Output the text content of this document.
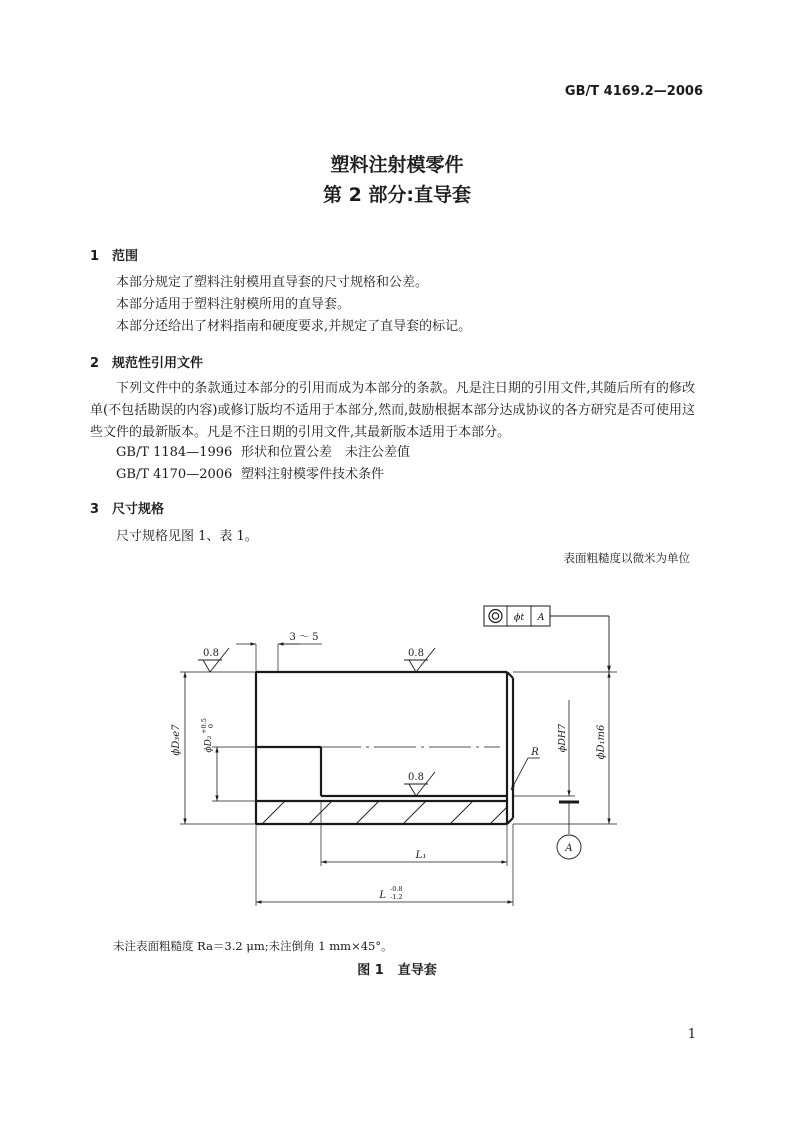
GB/T 4169.2—2006
塑料注射模零件
第 2 部分:直导套
1 范围
本部分规定了塑料注射模用直导套的尺寸规格和公差。
本部分适用于塑料注射模所用的直导套。
本部分还给出了材料指南和硬度要求,并规定了直导套的标记。
2 规范性引用文件
下列文件中的条款通过本部分的引用而成为本部分的条款。凡是注日期的引用文件,其随后所有的修改单(不包括勘误的内容)或修订版均不适用于本部分,然而,鼓励根据本部分达成协议的各方研究是否可使用这些文件的最新版本。凡是不注日期的引用文件,其最新版本适用于本部分。
GB/T 1184—1996 形状和位置公差　未注公差值
GB/T 4170—2006 塑料注射模零件技术条件
3 尺寸规格
尺寸规格见图 1、表 1。
表面粗糙度以微米为单位
ϕt A
3 ～ 5
0.8	0.8
0.8
ϕD₃e7 ϕD₂
+0.5 0	ϕDH7	ϕD₁m6
R
A
L₁
L
-0.8
-1.2
未注表面粗糙度 Ra＝3.2 μm;未注倒角 1 mm×45°。
图 1 直导套
1
